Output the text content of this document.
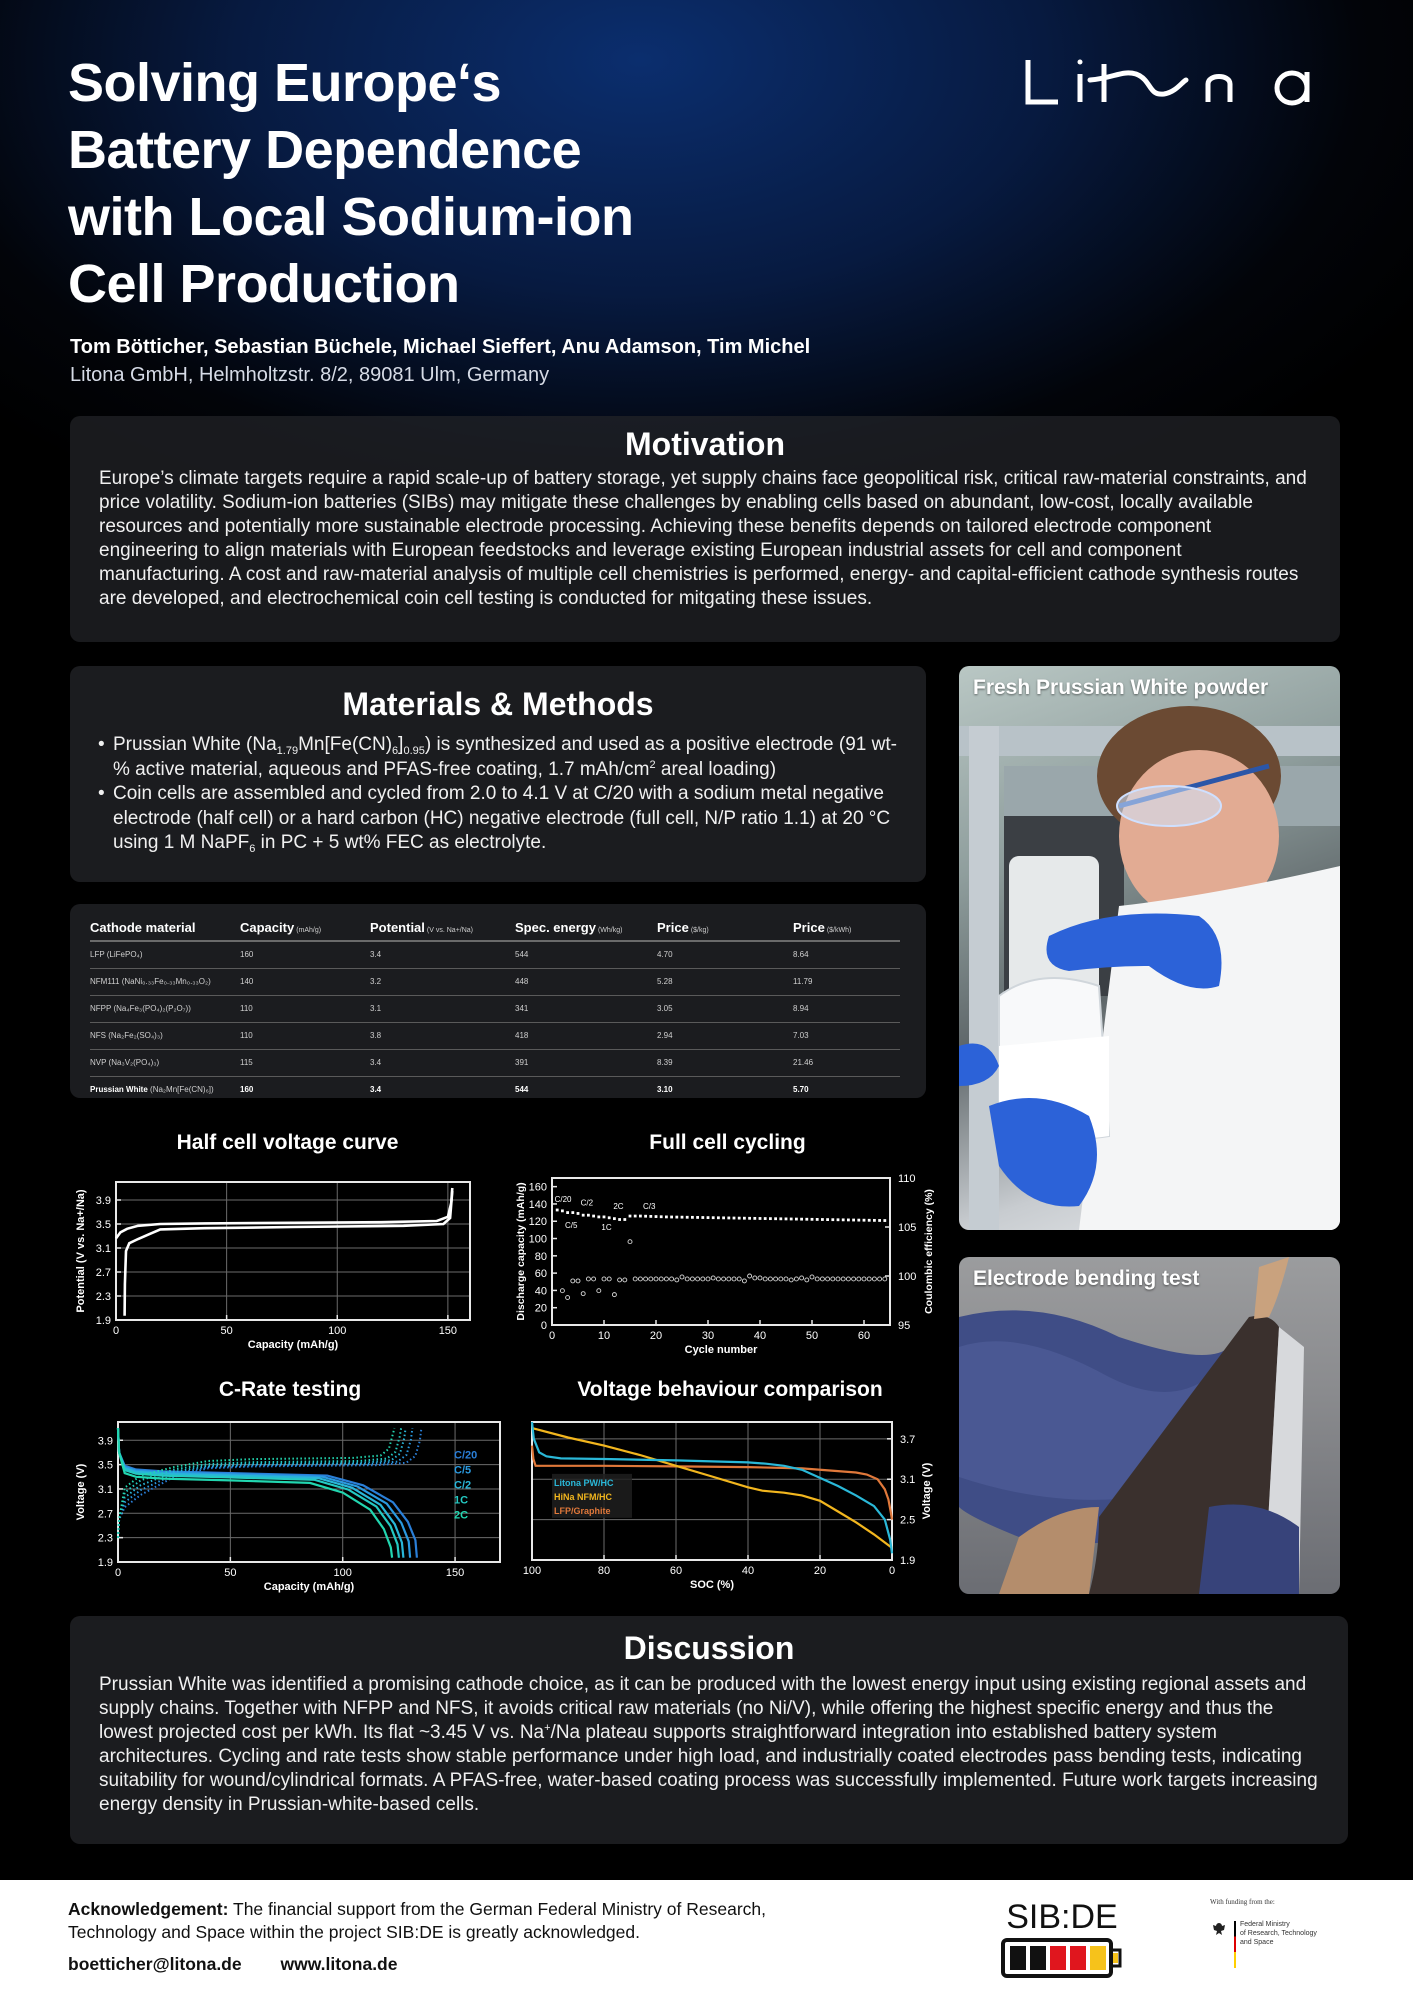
Solving Europe‘s
Battery Dependence
with Local Sodium-ion
Cell Production
Tom Bötticher, Sebastian Büchele, Michael Sieffert, Anu Adamson, Tim Michel
Litona GmbH, Helmholtzstr. 8/2, 89081 Ulm, Germany
Motivation

Europe’s climate targets require a rapid scale-up of battery storage, yet supply chains face geopolitical risk, critical raw-material constraints, and price volatility. Sodium-ion batteries (SIBs) may mitigate these challenges by enabling cells based on abundant, low-cost, locally available resources and potentially more sustainable electrode processing. Achieving these benefits depends on tailored electrode component engineering to align materials with European feedstocks and leverage existing European industrial assets for cell and component manufacturing. A cost and raw-material analysis of multiple cell chemistries is performed, energy- and capital-efficient cathode synthesis routes are developed, and electrochemical coin cell testing is conducted for mitgating these issues.

Materials & Methods
• Prussian White $(Na_{1.79}Mn[Fe(CN)_6]_{0.95})$ is synthesized and used as a positive electrode (91 wt-% active material, aqueous and PFAS-free coating, 1.7 mAh/$cm^2$ areal loading)
• Coin cells are assembled and cycled from 2.0 to 4.1 V at C/20 with a sodium metal negative electrode (half cell) or a hard carbon (HC) negative electrode (full cell, N/P ratio 1.1) at 20 °C using 1 M NaPF$_6$ in PC + 5 wt% FEC as electrolyte.
Cathode material	Capacity (mAh/g)	Potential (V vs. Na+/Na)	Spec. energy (Wh/kg)	Price ($/kg)	Price ($/kWh)
LFP (LiFePO₄)	160	3.4	544	4.70	8.64
NFM111 (NaNi₀.₃₃Fe₀.₃₃Mn₀.₃₃O₂)	140	3.2	448	5.28	11.79
NFPP (Na₄Fe₃(PO₄)₂(P₂O₇))	110	3.1	341	3.05	8.94
NFS (Na₂Fe₂(SO₄)₃)	110	3.8	418	2.94	7.03
NVP (Na₃V₂(PO₄)₃)	115	3.4	391	8.39	21.46
Prussian White (Na₂Mn[Fe(CN)₆])	160	3.4	544	3.10	5.70
Half cell voltage curve
0	50	100	150
1.9
2.3
2.7
3.1
3.5
3.9
Capacity (mAh/g)
Potential (V vs. Na+/Na)
Full cell cycling
0	10	20	30	40	50	60
0
20
40
60
80
100
120
140
160
Cycle number
Discharge capacity (mAh/g)
95
100
105
110
Coulombic efficiency (%)
C/20
C/5
C/2
1C
2C C/3
C-Rate testing
0	50	100	150
1.9
2.3
2.7
3.1
3.5
3.9
Capacity (mAh/g)
Voltage (V)
C/20
C/5
C/2
1C
2C
Voltage behaviour comparison
100	80	60	40	20	0
SOC (%)
1.9
2.5
3.1
3.7
Voltage (V)
Litona PW/HC
HiNa NFM/HC
LFP/Graphite
Fresh Prussian White powder
Electrode bending test
Discussion

Prussian White was identified a promising cathode choice, as it can be produced with the lowest energy input using existing regional assets and supply chains. Together with NFPP and NFS, it avoids critical raw materials (no Ni/V), while offering the highest specific energy and thus the lowest projected cost per kWh. Its flat ~3.45 V vs. Na+/Na plateau supports straightforward integration into established battery system architectures. Cycling and rate tests show stable performance under high load, and industrially coated electrodes pass bending tests, indicating suitability for wound/cylindrical formats. A PFAS-free, water-based coating process was successfully implemented. Future work targets increasing energy density in Prussian-white-based cells.

Acknowledgement: The financial support from the German Federal Ministry of Research, Technology and Space within the project SIB:DE is greatly acknowledged.
boetticher@litona.de www.litona.de
SIB:DE	With funding from the:
Federal Ministry
of Research, Technology
and Space
